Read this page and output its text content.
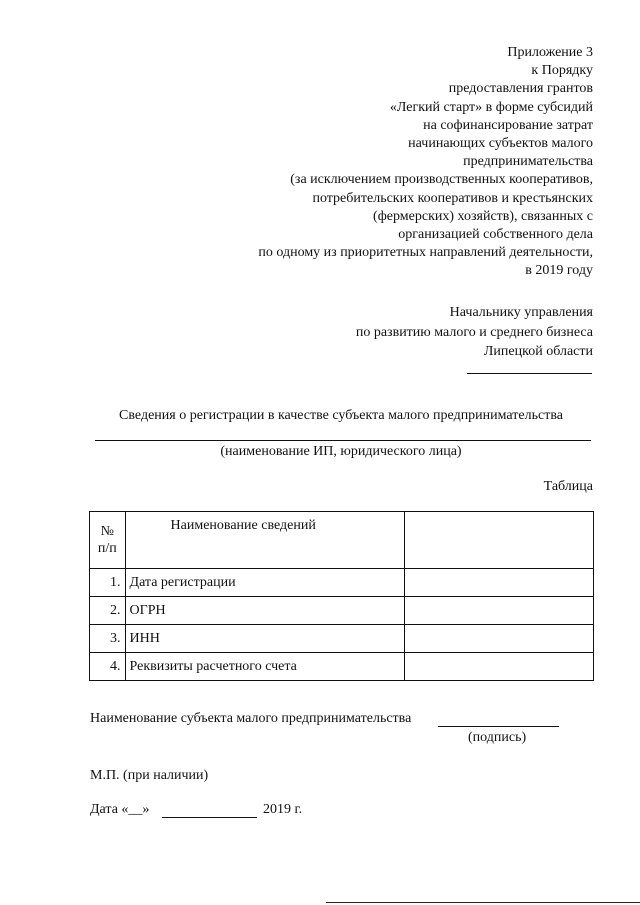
Приложение 3
к Порядку
предоставления грантов
«Легкий старт» в форме субсидий
на софинансирование затрат
начинающих субъектов малого
предпринимательства
(за исключением производственных кооперативов,
потребительских кооперативов и крестьянских
(фермерских) хозяйств), связанных с
организацией собственного дела
по одному из приоритетных направлений деятельности,
в 2019 году
Начальнику управления
по развитию малого и среднего бизнеса
Липецкой области
Сведения о регистрации в качестве субъекта малого предпринимательства
(наименование ИП, юридического лица)
Таблица
№
п/п	Наименование сведений	
1.	Дата регистрации	
2.	ОГРН	
3.	ИНН	
4.	Реквизиты расчетного счета	
Наименование субъекта малого предпринимательства
(подпись)
М.П. (при наличии)
Дата «__»	2019 г.
